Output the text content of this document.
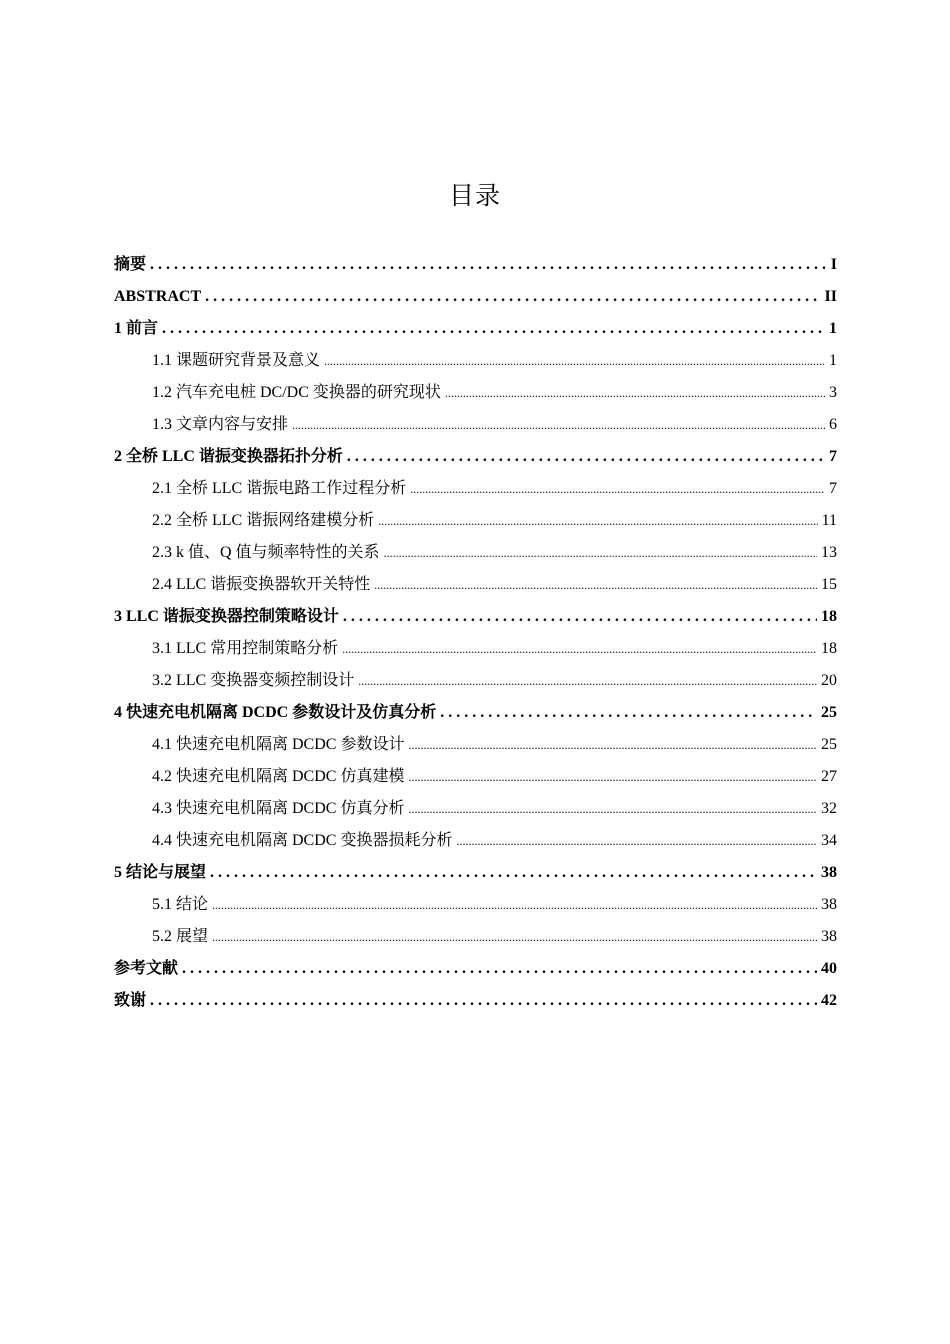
目录
摘要 . . .	I
ABSTRACT . . .	II
1 前言 . . .	1
1.1 课题研究背景及意义 .....	1
1.2 汽车充电桩 DC/DC 变换器的研究现状 .....	3
1.3 文章内容与安排 .....	6
2 全桥 LLC 谐振变换器拓扑分析 . . .	7
2.1 全桥 LLC 谐振电路工作过程分析 .....	7
2.2 全桥 LLC 谐振网络建模分析 .....	11
2.3 k 值、Q 值与频率特性的关系 .....	13
2.4 LLC 谐振变换器软开关特性 .....	15
3 LLC 谐振变换器控制策略设计 . . .	18
3.1 LLC 常用控制策略分析 .....	18
3.2 LLC 变换器变频控制设计 .....	20
4 快速充电机隔离 DCDC 参数设计及仿真分析 . . .	25
4.1 快速充电机隔离 DCDC 参数设计 .....	25
4.2 快速充电机隔离 DCDC 仿真建模 .....	27
4.3 快速充电机隔离 DCDC 仿真分析 .....	32
4.4 快速充电机隔离 DCDC 变换器损耗分析 .....	34
5 结论与展望 . . .	38
5.1 结论 .....	38
5.2 展望 .....	38
参考文献 . . .	40
致谢 . . .	42
